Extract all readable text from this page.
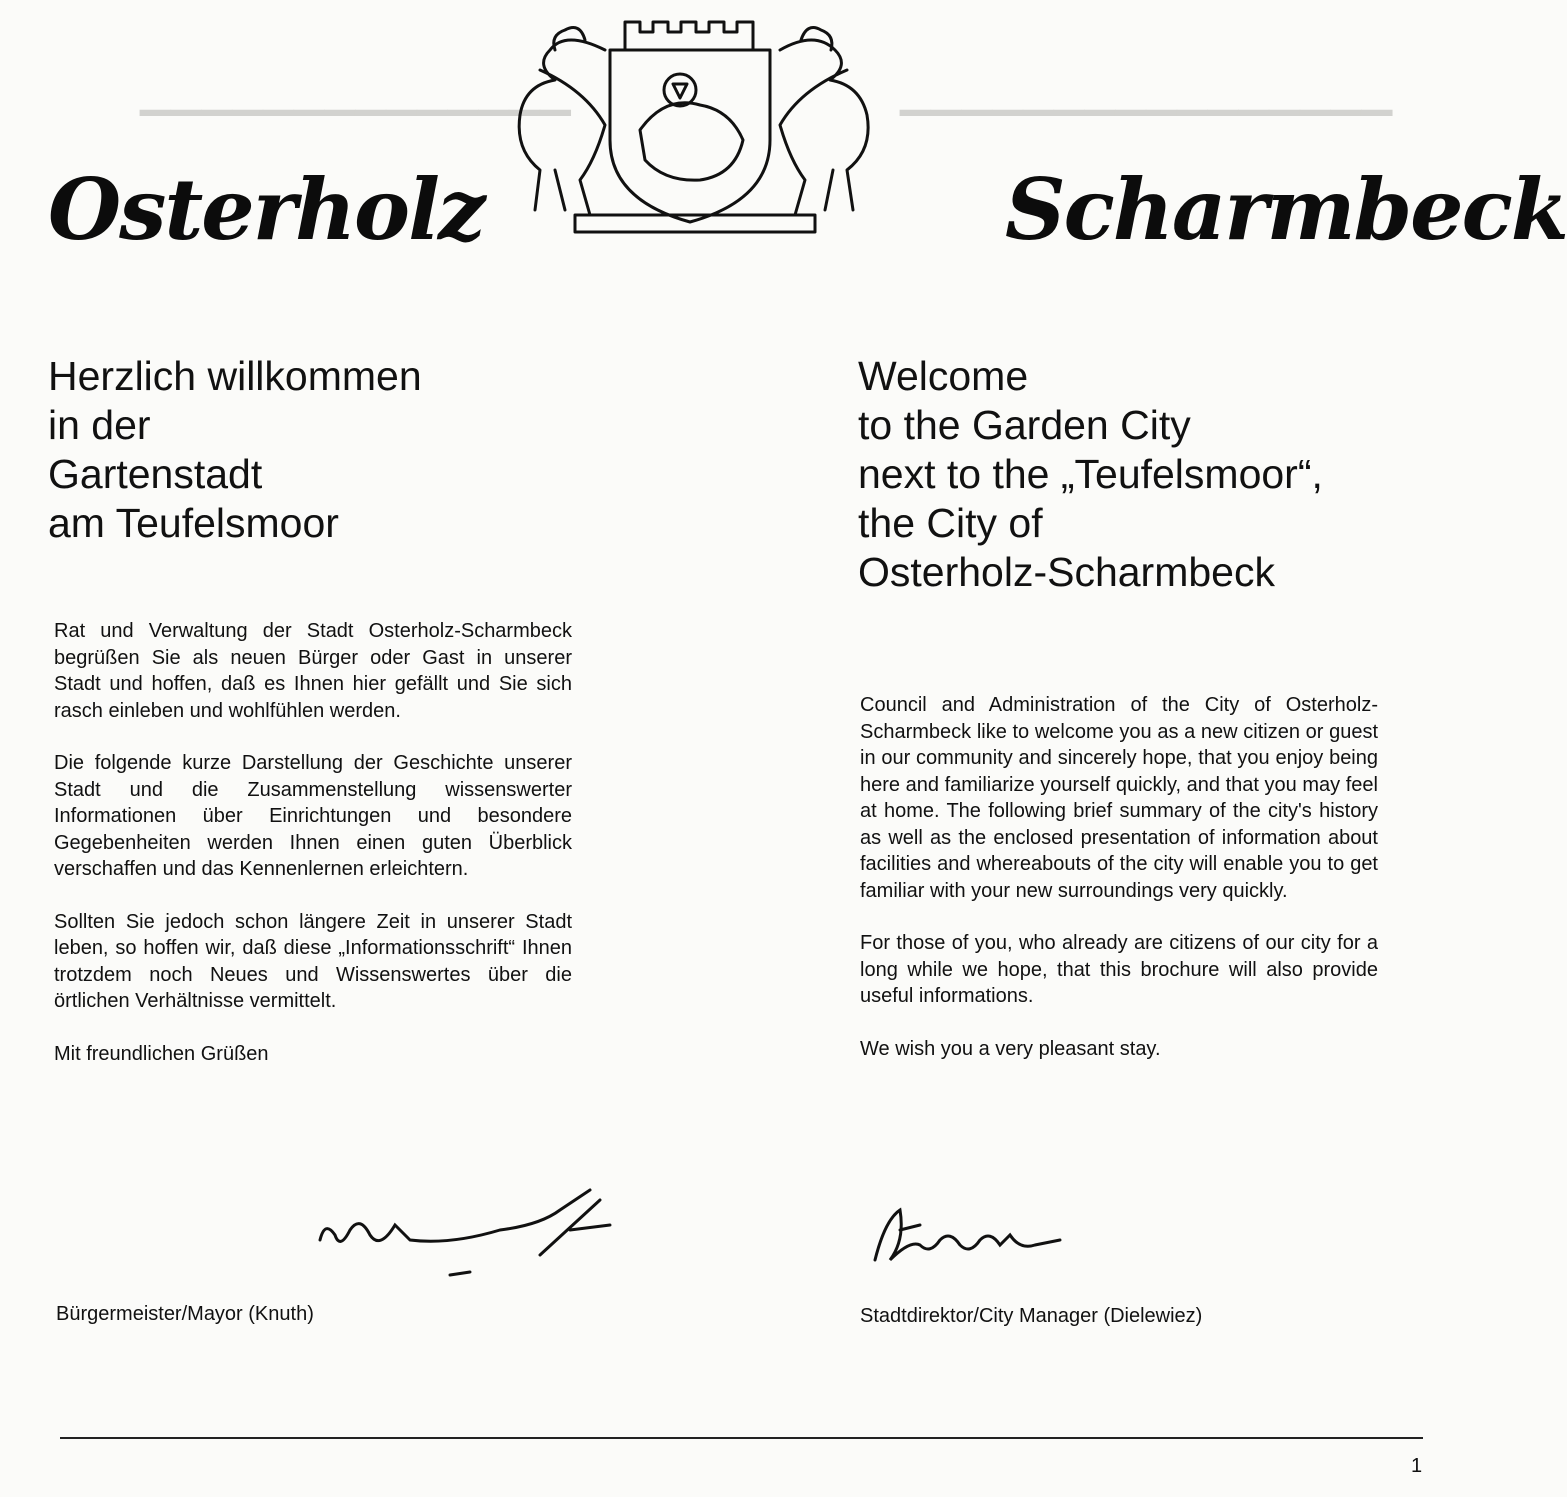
▁▁▁▁▁▁▁▁▁▁▁▁▁▁	▁▁▁▁▁▁▁▁▁▁▁▁▁▁▁▁
Osterholz	Scharmbeck
Herzlich willkommen
in der
Gartenstadt
am Teufelsmoor
Welcome
to the Garden City
next to the „Teufelsmoor“,
the City of
Osterholz-Scharmbeck

Rat und Verwaltung der Stadt Osterholz-Scharmbeck begrüßen Sie als neuen Bürger oder Gast in unserer Stadt und hoffen, daß es Ihnen hier gefällt und Sie sich rasch einleben und wohlfühlen werden.

Die folgende kurze Darstellung der Geschichte unserer Stadt und die Zusammenstellung wissenswerter Informationen über Einrichtungen und besondere Gegebenheiten werden Ihnen einen guten Überblick verschaffen und das Kennenlernen erleichtern.

Sollten Sie jedoch schon längere Zeit in unserer Stadt leben, so hoffen wir, daß diese „Informationsschrift“ Ihnen trotzdem noch Neues und Wissenswertes über die örtlichen Verhältnisse vermittelt.

Mit freundlichen Grüßen

Council and Administration of the City of Osterholz-Scharmbeck like to welcome you as a new citizen or guest in our community and sincerely hope, that you enjoy being here and familiarize yourself quickly, and that you may feel at home. The following brief summary of the city's history as well as the enclosed presentation of information about facilities and whereabouts of the city will enable you to get familiar with your new surroundings very quickly.

For those of you, who already are citizens of our city for a long while we hope, that this brochure will also provide useful informations.

We wish you a very pleasant stay.

Bürgermeister/Mayor (Knuth)	Stadtdirektor/City Manager (Dielewiez)
1
